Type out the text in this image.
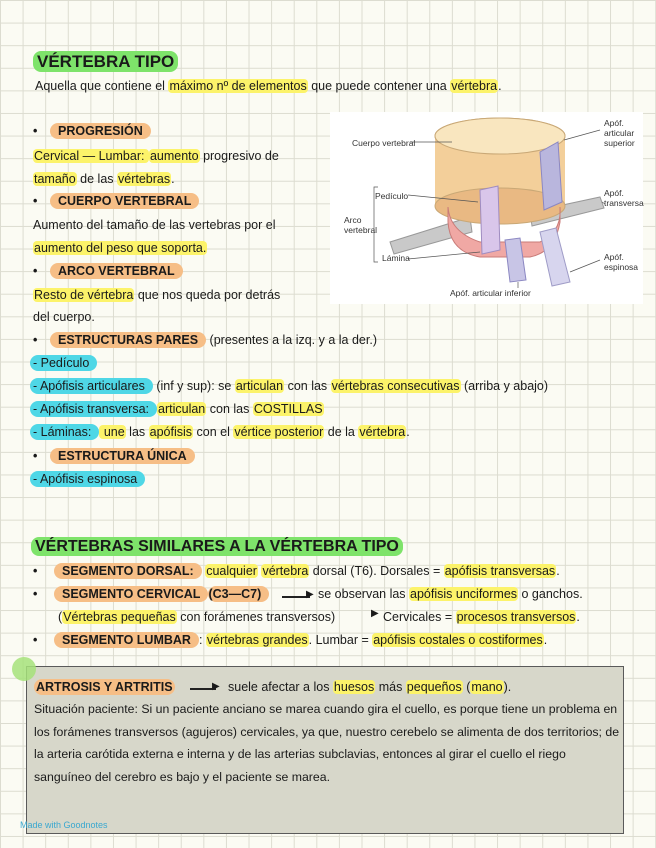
VÉRTEBRA TIPO
Aquella que contiene el máximo nº de elementos que puede contener una vértebra.
•	PROGRESIÓN
Cervical — Lumbar: aumento progresivo de
tamaño de las vértebras.
•	CUERPO VERTEBRAL
Aumento del tamaño de las vertebras por el
aumento del peso que soporta.
•	ARCO VERTEBRAL
Resto de vértebra que nos queda por detrás
del cuerpo.
Cuerpo vertebral
Pedículo
Arco vertebral
Lámina
Apóf. articular superior
Apóf. transversa
Apóf. espinosa
Apóf. articular inferior
•	ESTRUCTURAS PARES (presentes a la izq. y a la der.)
- Pedículo
- Apófisis articulares (inf y sup): se articulan con las vértebras consecutivas (arriba y abajo)
- Apófisis transversa: articulan con las COSTILLAS
- Láminas: une las apófisis con el vértice posterior de la vértebra.
•	ESTRUCTURA ÚNICA
- Apófisis espinosa
VÉRTEBRAS SIMILARES A LA VÉRTEBRA TIPO
•	SEGMENTO DORSAL: cualquier vértebra dorsal (T6). Dorsales = apófisis transversas.
•	SEGMENTO CERVICAL (C3—C7)	▶ se observan las apófisis unciformes o ganchos.
(Vértebras pequeñas con forámenes transversos)	▶ Cervicales = procesos transversos.
•	SEGMENTO LUMBAR : vértebras grandes. Lumbar = apófisis costales o costiformes.
ARTROSIS Y ARTRITIS	▶ suele afectar a los huesos más pequeños (mano).
Situación paciente: Si un paciente anciano se marea cuando gira el cuello, es porque tiene un problema en los forámenes transversos (agujeros) cervicales, ya que, nuestro cerebelo se alimenta de dos territorios; de la arteria carótida externa e interna y de las arterias subclavias, entonces al girar el cuello el riego sanguíneo del cerebro es bajo y el paciente se marea.
Made with Goodnotes
